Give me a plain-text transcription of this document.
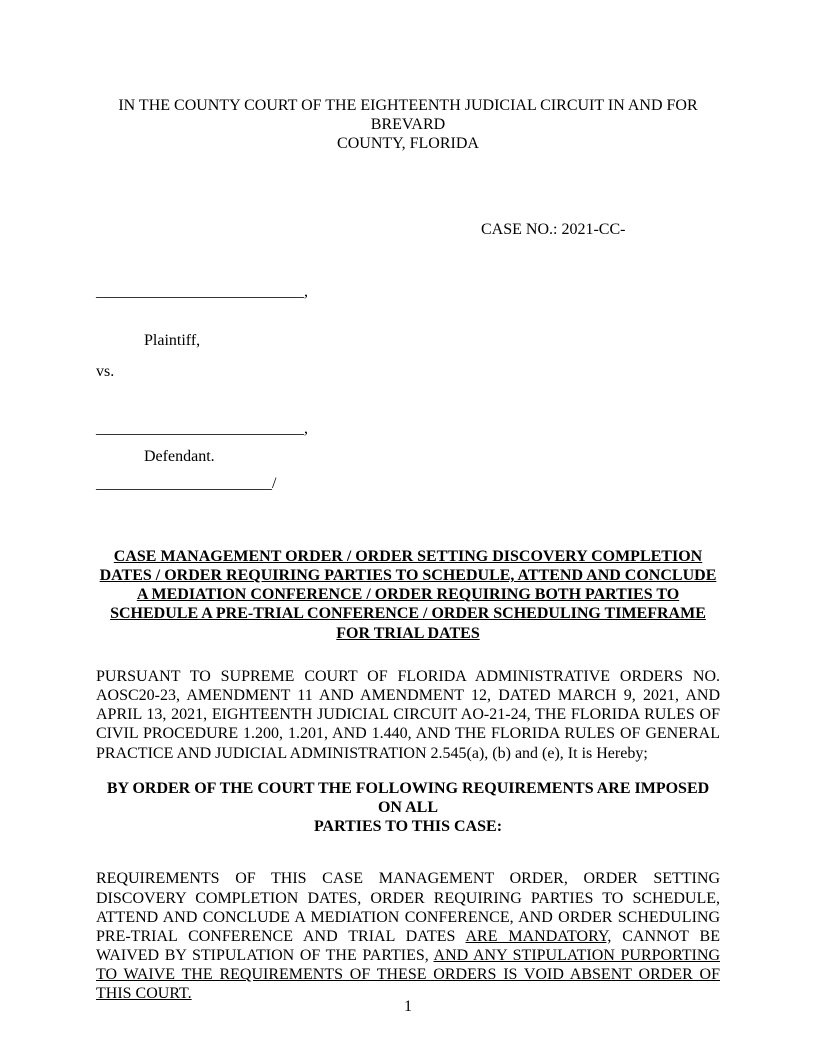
IN THE COUNTY COURT OF THE EIGHTEENTH JUDICIAL CIRCUIT IN AND FOR BREVARD
COUNTY, FLORIDA
CASE NO.: 2021-CC-
__________________________,
Plaintiff,
vs.
__________________________,
Defendant.
______________________/
CASE MANAGEMENT ORDER / ORDER SETTING DISCOVERY COMPLETION
DATES / ORDER REQUIRING PARTIES TO SCHEDULE, ATTEND AND CONCLUDE
A MEDIATION CONFERENCE / ORDER REQUIRING BOTH PARTIES TO
SCHEDULE A PRE-TRIAL CONFERENCE / ORDER SCHEDULING TIMEFRAME
FOR TRIAL DATES

PURSUANT TO SUPREME COURT OF FLORIDA ADMINISTRATIVE ORDERS NO. AOSC20-23, AMENDMENT 11 AND AMENDMENT 12, DATED MARCH 9, 2021, AND APRIL 13, 2021, EIGHTEENTH JUDICIAL CIRCUIT AO-21-24, THE FLORIDA RULES OF CIVIL PROCEDURE 1.200, 1.201, AND 1.440, AND THE FLORIDA RULES OF GENERAL PRACTICE AND JUDICIAL ADMINISTRATION 2.545(a), (b) and (e), It is Hereby;

BY ORDER OF THE COURT THE FOLLOWING REQUIREMENTS ARE IMPOSED ON ALL
PARTIES TO THIS CASE:

REQUIREMENTS OF THIS CASE MANAGEMENT ORDER, ORDER SETTING DISCOVERY COMPLETION DATES, ORDER REQUIRING PARTIES TO SCHEDULE, ATTEND AND CONCLUDE A MEDIATION CONFERENCE, AND ORDER SCHEDULING PRE-TRIAL CONFERENCE AND TRIAL DATES ARE MANDATORY, CANNOT BE WAIVED BY STIPULATION OF THE PARTIES, AND ANY STIPULATION PURPORTING TO WAIVE THE REQUIREMENTS OF THESE ORDERS IS VOID ABSENT ORDER OF THIS COURT.

1
